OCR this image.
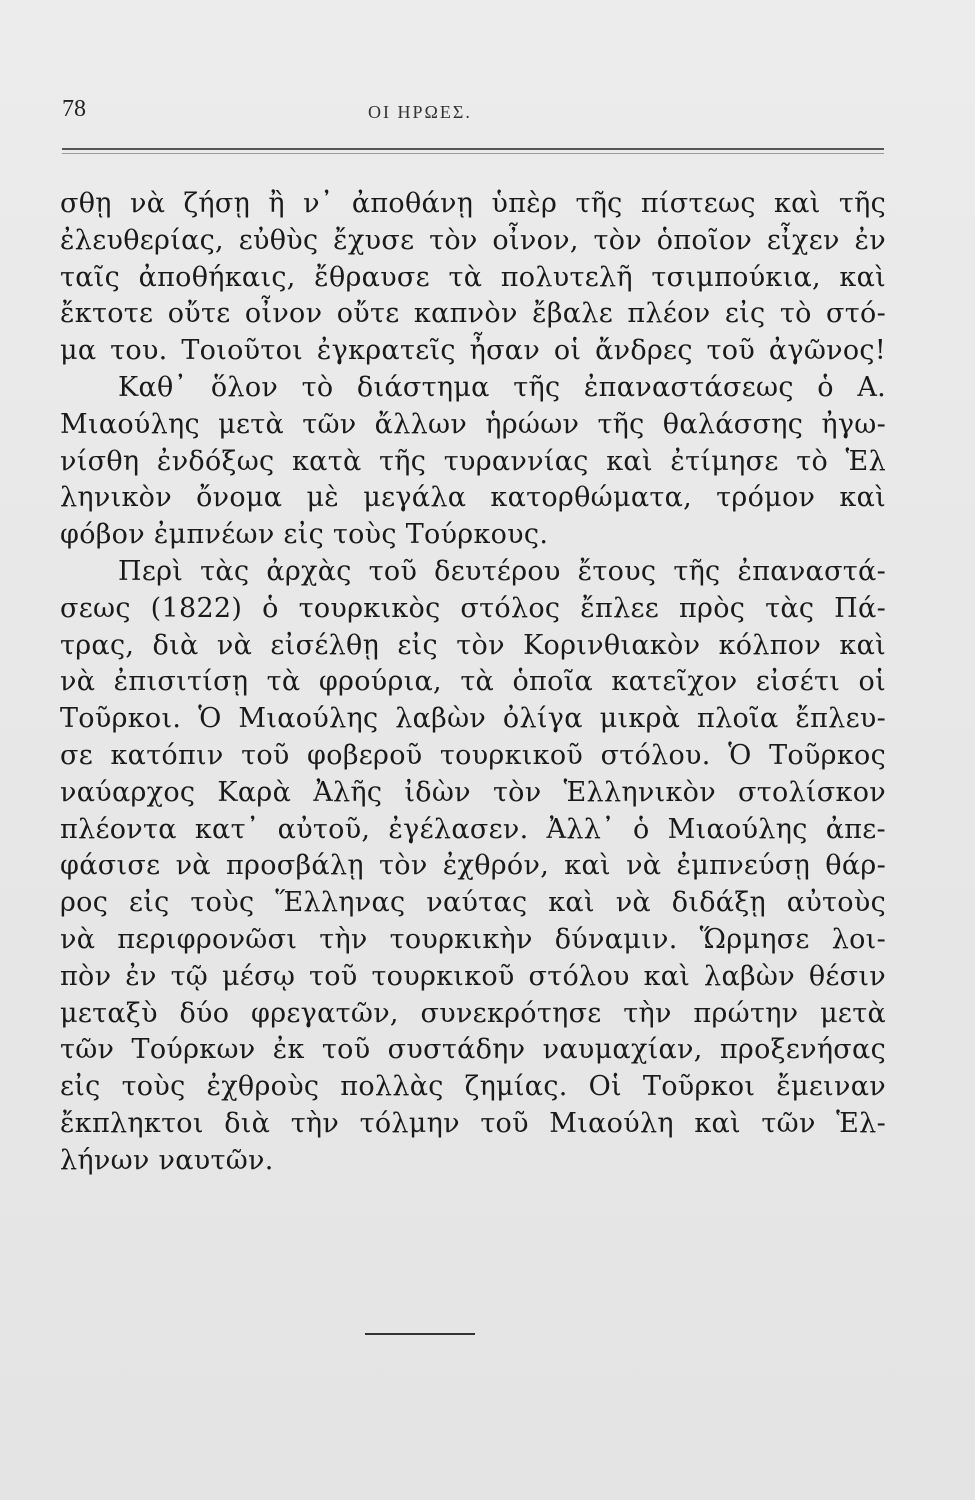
78	ΟΙ ΗΡΩΕΣ.
σθῃ νὰ ζήσῃ ἢ ν᾽ ἀποθάνῃ ὑπὲρ τῆς πίστεως καὶ τῆς
ἐλευθερίας, εὐθὺς ἔχυσε τὸν οἶνον, τὸν ὁποῖον εἶχεν ἐν
ταῖς ἀποθήκαις, ἔθραυσε τὰ πολυτελῆ τσιμπούκια, καὶ
ἔκτοτε οὔτε οἶνον οὔτε καπνὸν ἔβαλε πλέον εἰς τὸ στό-
μα του. Τοιοῦτοι ἐγκρατεῖς ἦσαν οἱ ἄνδρες τοῦ ἀγῶνος!
Καθ᾽ ὅλον τὸ διάστημα τῆς ἐπαναστάσεως ὁ Α.
Μιαούλης μετὰ τῶν ἄλλων ἡρώων τῆς θαλάσσης ἠγω-
νίσθη ἐνδόξως κατὰ τῆς τυραννίας καὶ ἐτίμησε τὸ Ἑλ
ληνικὸν ὄνομα μὲ μεγάλα κατορθώματα, τρόμον καὶ
φόβον ἐμπνέων εἰς τοὺς Τούρκους.
Περὶ τὰς ἀρχὰς τοῦ δευτέρου ἔτους τῆς ἐπαναστά-
σεως (1822) ὁ τουρκικὸς στόλος ἔπλεε πρὸς τὰς Πά-
τρας, διὰ νὰ εἰσέλθῃ εἰς τὸν Κορινθιακὸν κόλπον καὶ
νὰ ἐπισιτίσῃ τὰ φρούρια, τὰ ὁποῖα κατεῖχον εἰσέτι οἱ
Τοῦρκοι. Ὁ Μιαούλης λαβὼν ὀλίγα μικρὰ πλοῖα ἔπλευ-
σε κατόπιν τοῦ φοβεροῦ τουρκικοῦ στόλου. Ὁ Τοῦρκος
ναύαρχος Καρὰ Ἀλῆς ἰδὼν τὸν Ἑλληνικὸν στολίσκον
πλέοντα κατ᾽ αὐτοῦ, ἐγέλασεν. Ἀλλ᾽ ὁ Μιαούλης ἀπε-
φάσισε νὰ προσβάλῃ τὸν ἐχθρόν, καὶ νὰ ἐμπνεύσῃ θάρ-
ρος εἰς τοὺς Ἕλληνας ναύτας καὶ νὰ διδάξῃ αὐτοὺς
νὰ περιφρονῶσι τὴν τουρκικὴν δύναμιν. Ὥρμησε λοι-
πὸν ἐν τῷ μέσῳ τοῦ τουρκικοῦ στόλου καὶ λαβὼν θέσιν
μεταξὺ δύο φρεγατῶν, συνεκρότησε τὴν πρώτην μετὰ
τῶν Τούρκων ἐκ τοῦ συστάδην ναυμαχίαν, προξενήσας
εἰς τοὺς ἐχθροὺς πολλὰς ζημίας. Οἱ Τοῦρκοι ἔμειναν
ἔκπληκτοι διὰ τὴν τόλμην τοῦ Μιαούλη καὶ τῶν Ἑλ-
λήνων ναυτῶν.
